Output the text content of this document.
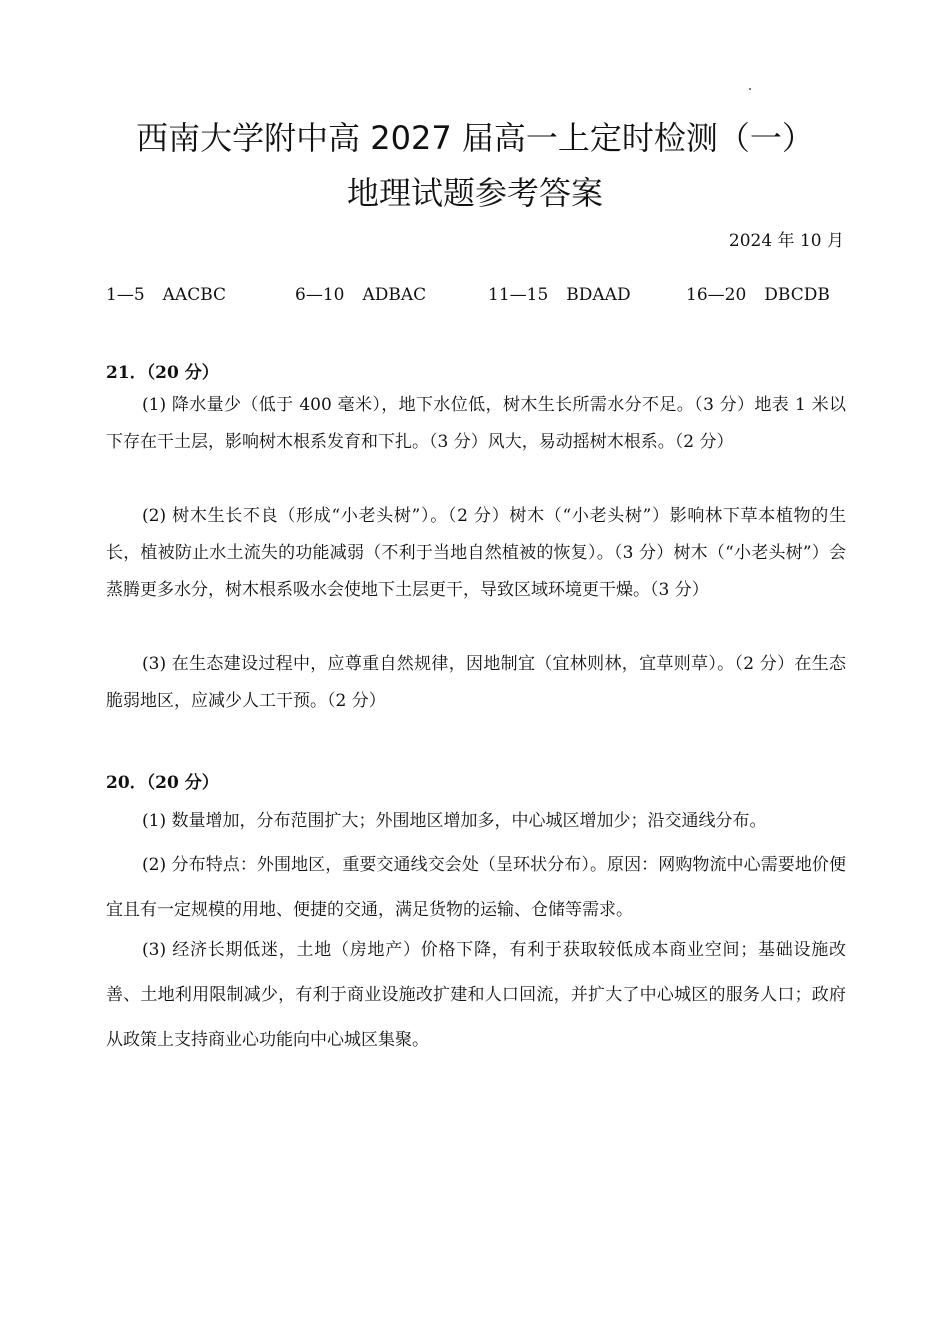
西南大学附中高 2027 届高一上定时检测（一）
地理试题参考答案
2024 年 10 月
1—5 AACBC	6—10 ADBAC	11—15 BDAAD	16—20 DBCDB
21．（20 分）
(1) 降水量少（低于 400 毫米），地下水位低，树木生长所需水分不足。（3 分）地表 1 米以下存在干土层，影响树木根系发育和下扎。（3 分）风大，易动摇树木根系。（2 分）
(2) 树木生长不良（形成“小老头树”）。（2 分）树木（“小老头树”）影响林下草本植物的生长，植被防止水土流失的功能减弱（不利于当地自然植被的恢复）。（3 分）树木（“小老头树”）会蒸腾更多水分，树木根系吸水会使地下土层更干，导致区域环境更干燥。（3 分）
(3) 在生态建设过程中，应尊重自然规律，因地制宜（宜林则林，宜草则草）。（2 分）在生态脆弱地区，应减少人工干预。（2 分）
20．（20 分）
(1) 数量增加，分布范围扩大；外围地区增加多，中心城区增加少；沿交通线分布。
(2) 分布特点：外围地区，重要交通线交会处（呈环状分布）。原因：网购物流中心需要地价便宜且有一定规模的用地、便捷的交通，满足货物的运输、仓储等需求。
(3) 经济长期低迷，土地（房地产）价格下降，有利于获取较低成本商业空间；基础设施改善、土地利用限制减少，有利于商业设施改扩建和人口回流，并扩大了中心城区的服务人口；政府从政策上支持商业心功能向中心城区集聚。
